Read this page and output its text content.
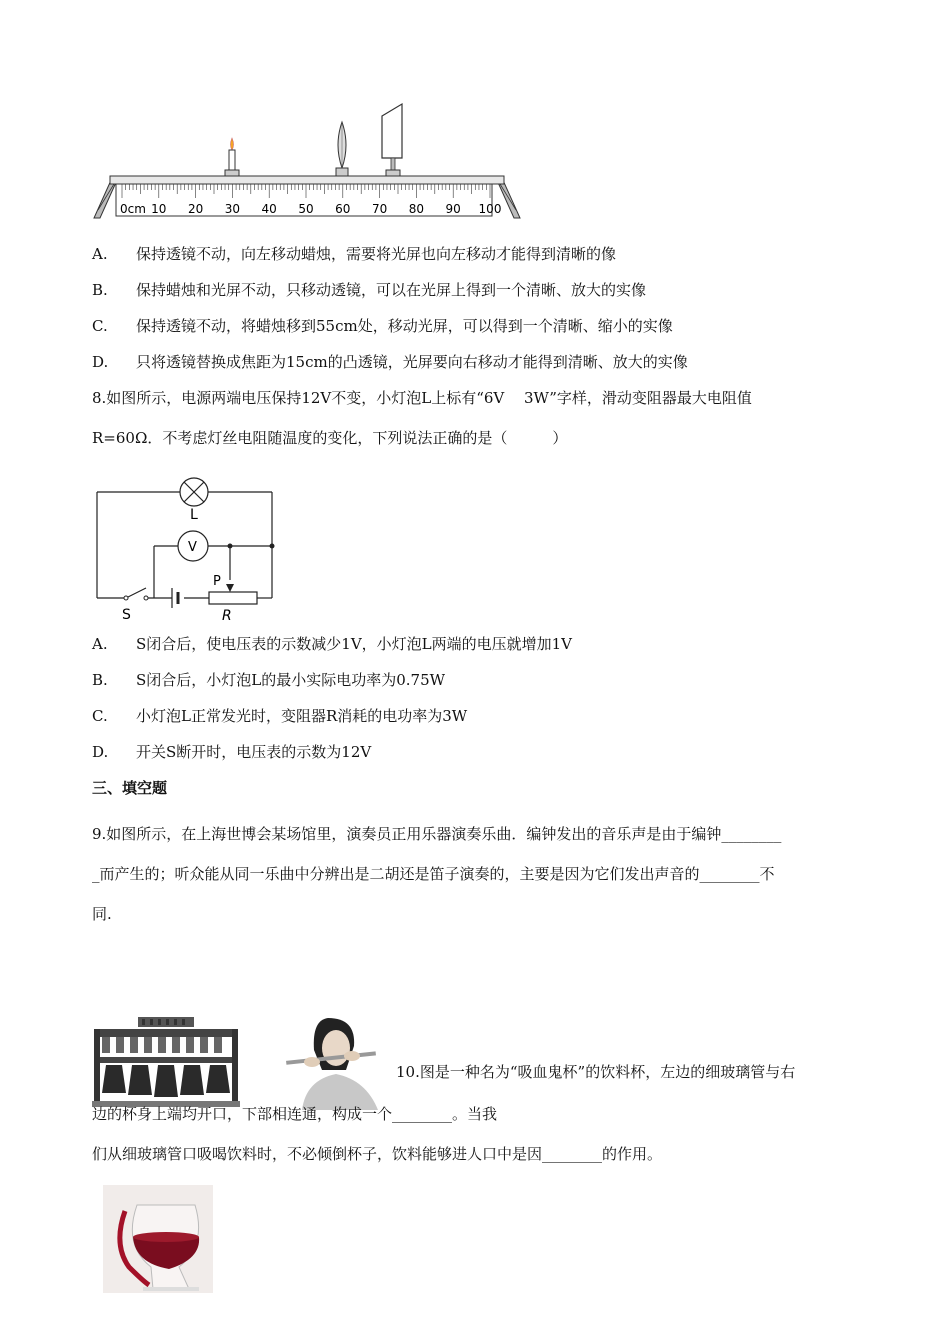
0cm 10 20 30 40 50 60 70 80 90 100
A. 保持透镜不动，向左移动蜡烛，需要将光屏也向左移动才能得到清晰的像
B. 保持蜡烛和光屏不动，只移动透镜，可以在光屏上得到一个清晰、放大的实像
C. 保持透镜不动，将蜡烛移到55cm处，移动光屏，可以得到一个清晰、缩小的实像
D. 只将透镜替换成焦距为15cm的凸透镜，光屏要向右移动才能得到清晰、放大的实像
8.如图所示，电源两端电压保持12V不变，小灯泡L上标有“6V　 3W”字样，滑动变阻器最大电阻值
R=60Ω．不考虑灯丝电阻随温度的变化，下列说法正确的是（　　　）
L
V
S
P
R
A. S闭合后，使电压表的示数减少1V，小灯泡L两端的电压就增加1V
B. S闭合后，小灯泡L的最小实际电功率为0.75W
C. 小灯泡L正常发光时，变阻器R消耗的电功率为3W
D. 开关S断开时，电压表的示数为12V
三、填空题
9.如图所示，在上海世博会某场馆里，演奏员正用乐器演奏乐曲．编钟发出的音乐声是由于编钟________
_而产生的；听众能从同一乐曲中分辨出是二胡还是笛子演奏的，主要是因为它们发出声音的________不
同.
10.图是一种名为“吸血鬼杯”的饮料杯，左边的细玻璃管与右
边的杯身上端均开口，下部相连通，构成一个________。当我
们从细玻璃管口吸喝饮料时，不必倾倒杯子，饮料能够进人口中是因________的作用。
